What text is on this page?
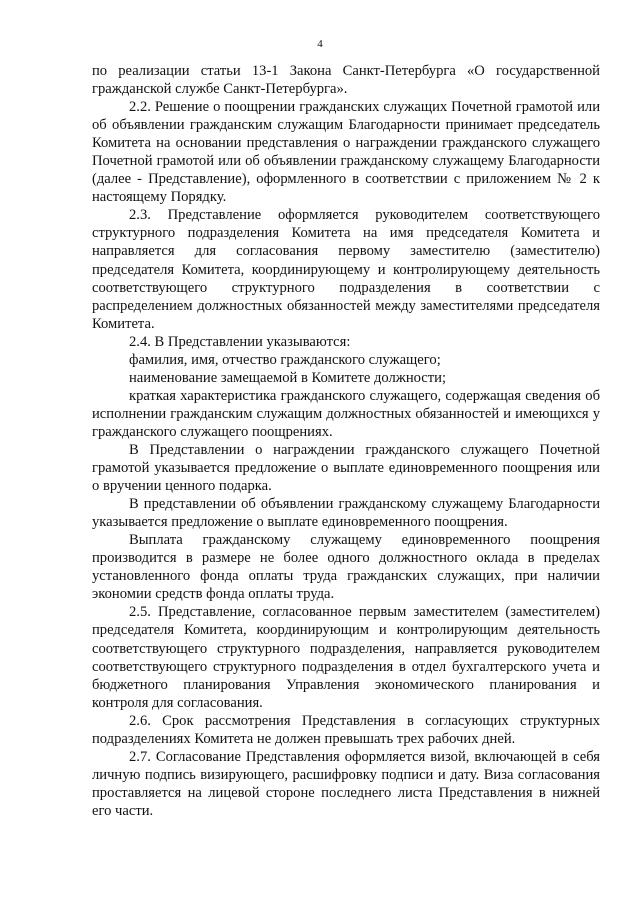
4

по реализации статьи 13-1 Закона Санкт-Петербурга «О государственной гражданской службе Санкт-Петербурга».

2.2. Решение о поощрении гражданских служащих Почетной грамотой или об объявлении гражданским служащим Благодарности принимает председатель Комитета на основании представления о награждении гражданского служащего Почетной грамотой или об объявлении гражданскому служащему Благодарности (далее - Представление), оформленного в соответствии с приложением № 2 к настоящему Порядку.

2.3. Представление оформляется руководителем соответствующего структурного подразделения Комитета на имя председателя Комитета и направляется для согласования первому заместителю (заместителю) председателя Комитета, координирующему и контролирующему деятельность соответствующего структурного подразделения в соответствии с распределением должностных обязанностей между заместителями председателя Комитета.

2.4. В Представлении указываются:

фамилия, имя, отчество гражданского служащего;

наименование замещаемой в Комитете должности;

краткая характеристика гражданского служащего, содержащая сведения об исполнении гражданским служащим должностных обязанностей и имеющихся у гражданского служащего поощрениях.

В Представлении о награждении гражданского служащего Почетной грамотой указывается предложение о выплате единовременного поощрения или о вручении ценного подарка.

В представлении об объявлении гражданскому служащему Благодарности указывается предложение о выплате единовременного поощрения.

Выплата гражданскому служащему единовременного поощрения производится в размере не более одного должностного оклада в пределах установленного фонда оплаты труда гражданских служащих, при наличии экономии средств фонда оплаты труда.

2.5. Представление, согласованное первым заместителем (заместителем) председателя Комитета, координирующим и контролирующим деятельность соответствующего структурного подразделения, направляется руководителем соответствующего структурного подразделения в отдел бухгалтерского учета и бюджетного планирования Управления экономического планирования и контроля для согласования.

2.6. Срок рассмотрения Представления в согласующих структурных подразделениях Комитета не должен превышать трех рабочих дней.

2.7. Согласование Представления оформляется визой, включающей в себя личную подпись визирующего, расшифровку подписи и дату. Виза согласования проставляется на лицевой стороне последнего листа Представления в нижней его части.
